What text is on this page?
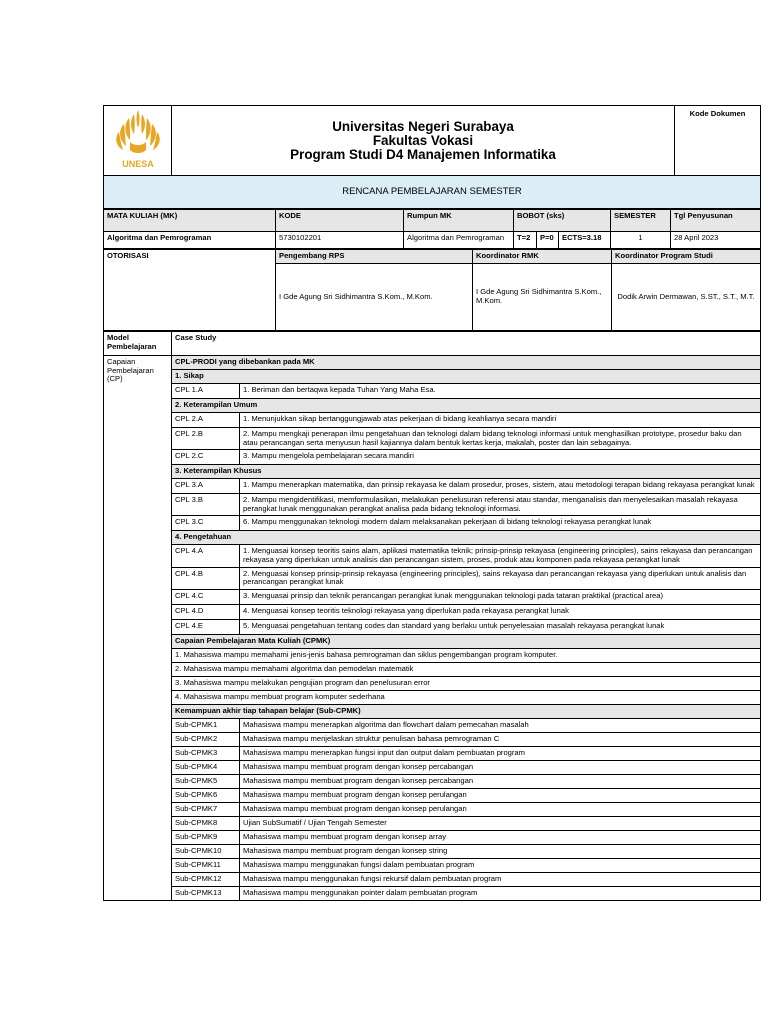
UNESA

Universitas Negeri Surabaya
Fakultas Vokasi
Program Studi D4 Manajemen Informatika
	Kode Dokumen
RENCANA PEMBELAJARAN SEMESTER
MATA KULIAH (MK)	KODE	Rumpun MK	BOBOT (sks)			SEMESTER	Tgl Penyusunan
Algoritma dan Pemrograman	5730102201	Algoritma dan Pemrograman	T=2	P=0	ECTS=3.18	1	28 April 2023
OTORISASI	Pengembang RPS	Koordinator RMK	Koordinator Program Studi
	I Gde Agung Sri Sidhimantra S.Kom., M.Kom.	I Gde Agung Sri Sidhimantra S.Kom., M.Kom.	Dodik Arwin Dermawan, S.ST., S.T., M.T.
Model Pembelajaran	Case Study	
Capaian Pembelajaran (CP)	CPL-PRODI yang dibebankan pada MK	
	1. Sikap	
	CPL 1.A	1. Beriman dan bertaqwa kepada Tuhan Yang Maha Esa.
	2. Keterampilan Umum	
	CPL 2.A	1. Menunjukkan sikap bertanggungjawab atas pekerjaan di bidang keahlianya secara mandiri
	CPL 2.B	2. Mampu mengkaji penerapan ilmu pengetahuan dan teknologi dalam bidang teknologi informasi untuk menghasilkan prototype, prosedur baku dan atau perancangan serta menyusun hasil kajiannya dalam bentuk kertas kerja, makalah, poster dan lain sebagainya.
	CPL 2.C	3. Mampu mengelola pembelajaran secara mandiri
	3. Keterampilan Khusus	
	CPL 3.A	1. Mampu menerapkan matematika, dan prinsip rekayasa ke dalam prosedur, proses, sistem, atau metodologi terapan bidang rekayasa perangkat lunak
	CPL 3.B	2. Mampu mengidentifikasi, memformulasikan, melakukan penelusuran referensi atau standar, menganalisis dan menyelesaikan masalah rekayasa perangkat lunak menggunakan perangkat analisa pada bidang teknologi informasi.
	CPL 3.C	6. Mampu menggunakan teknologi modern dalam melaksanakan pekerjaan di bidang teknologi rekayasa perangkat lunak
	4. Pengetahuan	
	CPL 4.A	1. Menguasai konsep teoritis sains alam, aplikasi matematika teknik; prinsip-prinsip rekayasa (engineering principles), sains rekayasa dan perancangan rekayasa yang diperlukan untuk analisis dan perancangan sistem, proses, produk atau komponen pada rekayasa perangkat lunak
	CPL 4.B	2. Menguasai konsep prinsip-prinsip rekayasa (engineering principles), sains rekayasa dan perancangan rekayasa yang diperlukan untuk analisis dan perancangan perangkat lunak
	CPL 4.C	3. Menguasai prinsip dan teknik perancangan perangkat lunak menggunakan teknologi pada tataran praktikal (practical area)
	CPL 4.D	4. Menguasai konsep teoritis teknologi rekayasa yang diperlukan pada rekayasa perangkat lunak
	CPL 4.E	5. Menguasai pengetahuan tentang codes dan standard yang berlaku untuk penyelesaian masalah rekayasa perangkat lunak
	Capaian Pembelajaran Mata Kuliah (CPMK)	
	1. Mahasiswa mampu memahami jenis-jenis bahasa pemrograman dan siklus pengembangan program komputer.	
	2. Mahasiswa mampu memahami algoritma dan pemodelan matematik	
	3. Mahasiswa mampu melakukan pengujian program dan penelusuran error	
	4. Mahasiswa mampu membuat program komputer sederhana	
	Kemampuan akhir tiap tahapan belajar (Sub-CPMK)	
	Sub-CPMK1	Mahasiswa mampu menerapkan algoritma dan flowchart dalam pemecahan masalah
	Sub-CPMK2	Mahasiswa mampu menjelaskan struktur penulisan bahasa pemrograman C
	Sub-CPMK3	Mahasiswa mampu menerapkan fungsi input dan output dalam pembuatan program
	Sub-CPMK4	Mahasiswa mampu membuat program dengan konsep percabangan
	Sub-CPMK5	Mahasiswa mampu membuat program dengan konsep percabangan
	Sub-CPMK6	Mahasiswa mampu membuat program dengan konsep perulangan
	Sub-CPMK7	Mahasiswa mampu membuat program dengan konsep perulangan
	Sub-CPMK8	Ujian SubSumatif / Ujian Tengah Semester
	Sub-CPMK9	Mahasiswa mampu membuat program dengan konsep array
	Sub-CPMK10	Mahasiswa mampu membuat program dengan konsep string
	Sub-CPMK11	Mahasiswa mampu menggunakan fungsi dalam pembuatan program
	Sub-CPMK12	Mahasiswa mampu menggunakan fungsi rekursif dalam pembuatan program
	Sub-CPMK13	Mahasiswa mampu menggunakan pointer dalam pembuatan program
